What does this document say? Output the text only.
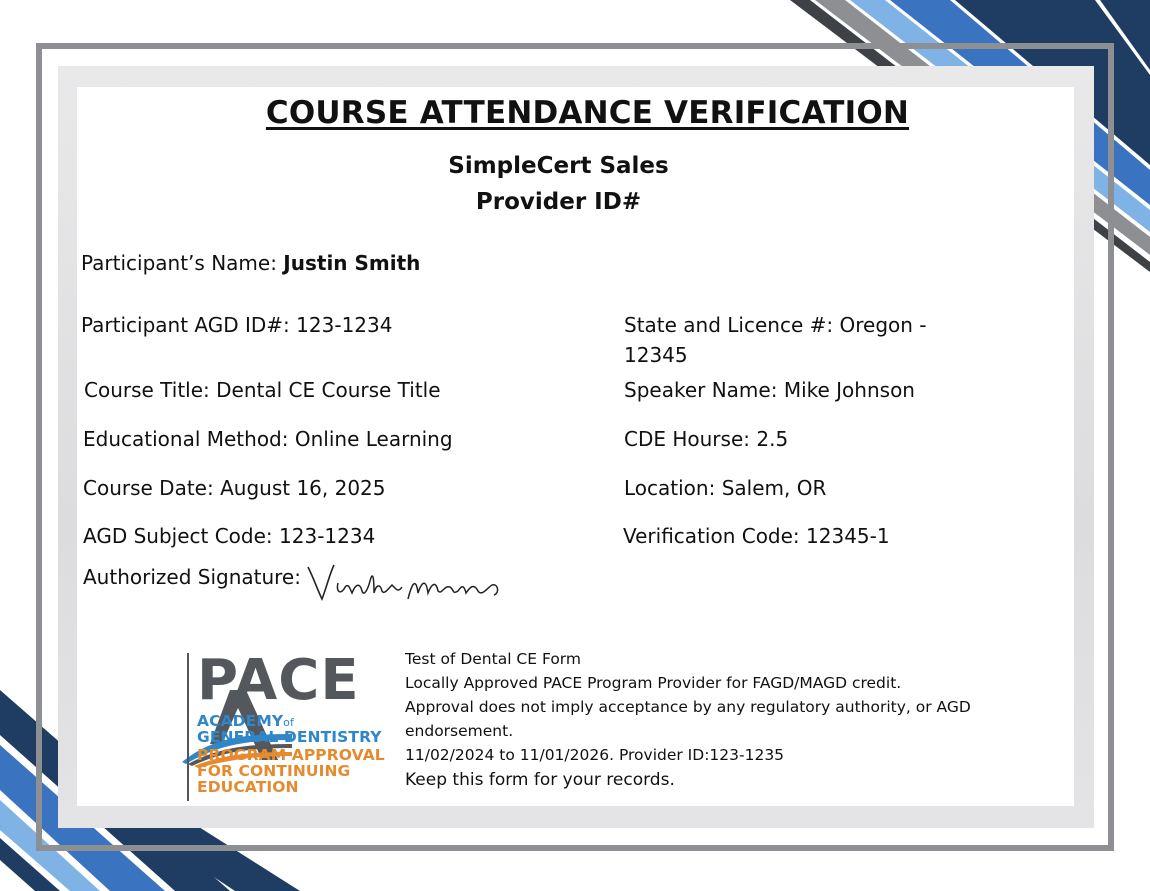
COURSE ATTENDANCE VERIFICATION
SimpleCert Sales
Provider ID#
Participant’s Name: Justin Smith
Participant AGD ID#: 123-1234	State and Licence #: Oregon -
12345
Course Title: Dental CE Course Title	Speaker Name: Mike Johnson
Educational Method: Online Learning	CDE Hourse: 2.5
Course Date: August 16, 2025	Location: Salem, OR
AGD Subject Code: 123-1234	Verification Code: 12345-1
Authorized Signature:
PACE
ACADEMYof
GENERAL DENTISTRY
PROGRAM APPROVAL
FOR CONTINUING
EDUCATION
Test of Dental CE Form
Locally Approved PACE Program Provider for FAGD/MAGD credit.
Approval does not imply acceptance by any regulatory authority, or AGD
endorsement.
11/02/2024 to 11/01/2026. Provider ID:123-1235
Keep this form for your records.
